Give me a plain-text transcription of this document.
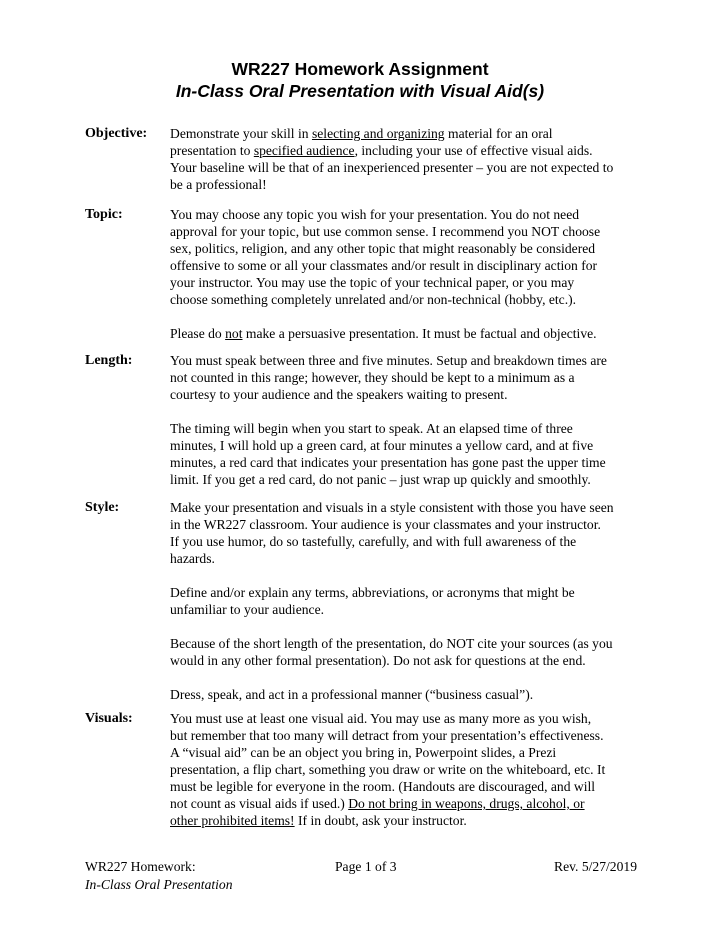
WR227 Homework Assignment
In-Class Oral Presentation with Visual Aid(s)
Objective: Demonstrate your skill in selecting and organizing material for an oral
presentation to specified audience, including your use of effective visual aids.
Your baseline will be that of an inexperienced presenter – you are not expected to
be a professional!
Topic:	You may choose any topic you wish for your presentation. You do not need
approval for your topic, but use common sense. I recommend you NOT choose
sex, politics, religion, and any other topic that might reasonably be considered
offensive to some or all your classmates and/or result in disciplinary action for
your instructor. You may use the topic of your technical paper, or you may
choose something completely unrelated and/or non-technical (hobby, etc.).
Please do not make a persuasive presentation. It must be factual and objective.
Length:	You must speak between three and five minutes. Setup and breakdown times are
not counted in this range; however, they should be kept to a minimum as a
courtesy to your audience and the speakers waiting to present.
The timing will begin when you start to speak. At an elapsed time of three
minutes, I will hold up a green card, at four minutes a yellow card, and at five
minutes, a red card that indicates your presentation has gone past the upper time
limit. If you get a red card, do not panic – just wrap up quickly and smoothly.
Style:	Make your presentation and visuals in a style consistent with those you have seen
in the WR227 classroom. Your audience is your classmates and your instructor.
If you use humor, do so tastefully, carefully, and with full awareness of the
hazards.
Define and/or explain any terms, abbreviations, or acronyms that might be
unfamiliar to your audience.
Because of the short length of the presentation, do NOT cite your sources (as you
would in any other formal presentation). Do not ask for questions at the end.
Dress, speak, and act in a professional manner (“business casual”).
Visuals:	You must use at least one visual aid. You may use as many more as you wish,
but remember that too many will detract from your presentation’s effectiveness.
A “visual aid” can be an object you bring in, Powerpoint slides, a Prezi
presentation, a flip chart, something you draw or write on the whiteboard, etc. It
must be legible for everyone in the room. (Handouts are discouraged, and will
not count as visual aids if used.) Do not bring in weapons, drugs, alcohol, or
other prohibited items! If in doubt, ask your instructor.
WR227 Homework:	Page 1 of 3	Rev. 5/27/2019
In-Class Oral Presentation
